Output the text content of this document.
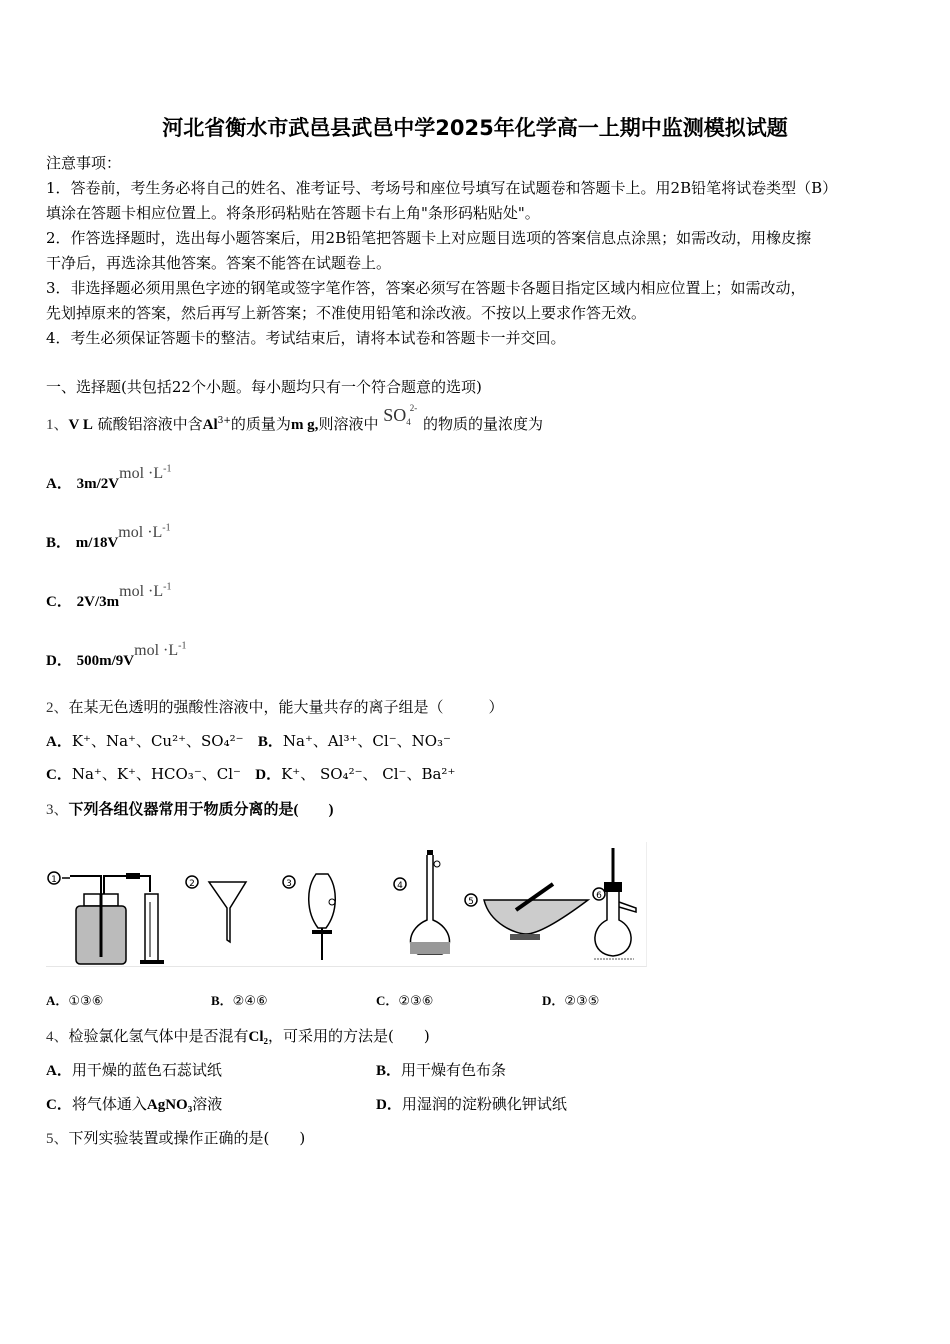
河北省衡水市武邑县武邑中学2025年化学高一上期中监测模拟试题
注意事项：
1．答卷前，考生务必将自己的姓名、准考证号、考场号和座位号填写在试题卷和答题卡上。用2B铅笔将试卷类型（B）
填涂在答题卡相应位置上。将条形码粘贴在答题卡右上角"条形码粘贴处"。
2．作答选择题时，选出每小题答案后，用2B铅笔把答题卡上对应题目选项的答案信息点涂黑；如需改动，用橡皮擦
干净后，再选涂其他答案。答案不能答在试题卷上。
3．非选择题必须用黑色字迹的钢笔或签字笔作答，答案必须写在答题卡各题目指定区域内相应位置上；如需改动，
先划掉原来的答案，然后再写上新答案；不准使用铅笔和涂改液。不按以上要求作答无效。
4．考生必须保证答题卡的整洁。考试结束后，请将本试卷和答题卡一并交回。
一、选择题(共包括22个小题。每小题均只有一个符合题意的选项)
1、V L 硫酸铝溶液中含$Al^{3+}$的质量为m g,则溶液中 $SO_4^{2-}$ 的物质的量浓度为
A． 3m/2Vmol $\cdot L^{-1}$
B． m/18Vmol $\cdot L^{-1}$
C． 2V/3mmol $\cdot L^{-1}$
D． 500m/9Vmol $\cdot L^{-1}$
2、在某无色透明的强酸性溶液中，能大量共存的离子组是（　　　）
A．K⁺、Na⁺、Cu²⁺、SO₄²⁻ B．Na⁺、Al³⁺、Cl⁻、NO₃⁻
C．Na⁺、K⁺、HCO₃⁻、Cl⁻ D．K⁺、 SO₄²⁻、 Cl⁻、Ba²⁺
3、下列各组仪器常用于物质分离的是(　　)
1	2	3	4
5
6
A．①③⑥	B．②④⑥	C．②③⑥	D．②③⑤
4、检验氯化氢气体中是否混有Cl₂，可采用的方法是(　　)
A．用干燥的蓝色石蕊试纸	B．用干燥有色布条
C．将气体通入AgNO₃溶液	D．用湿润的淀粉碘化钾试纸
5、下列实验装置或操作正确的是(　　)
